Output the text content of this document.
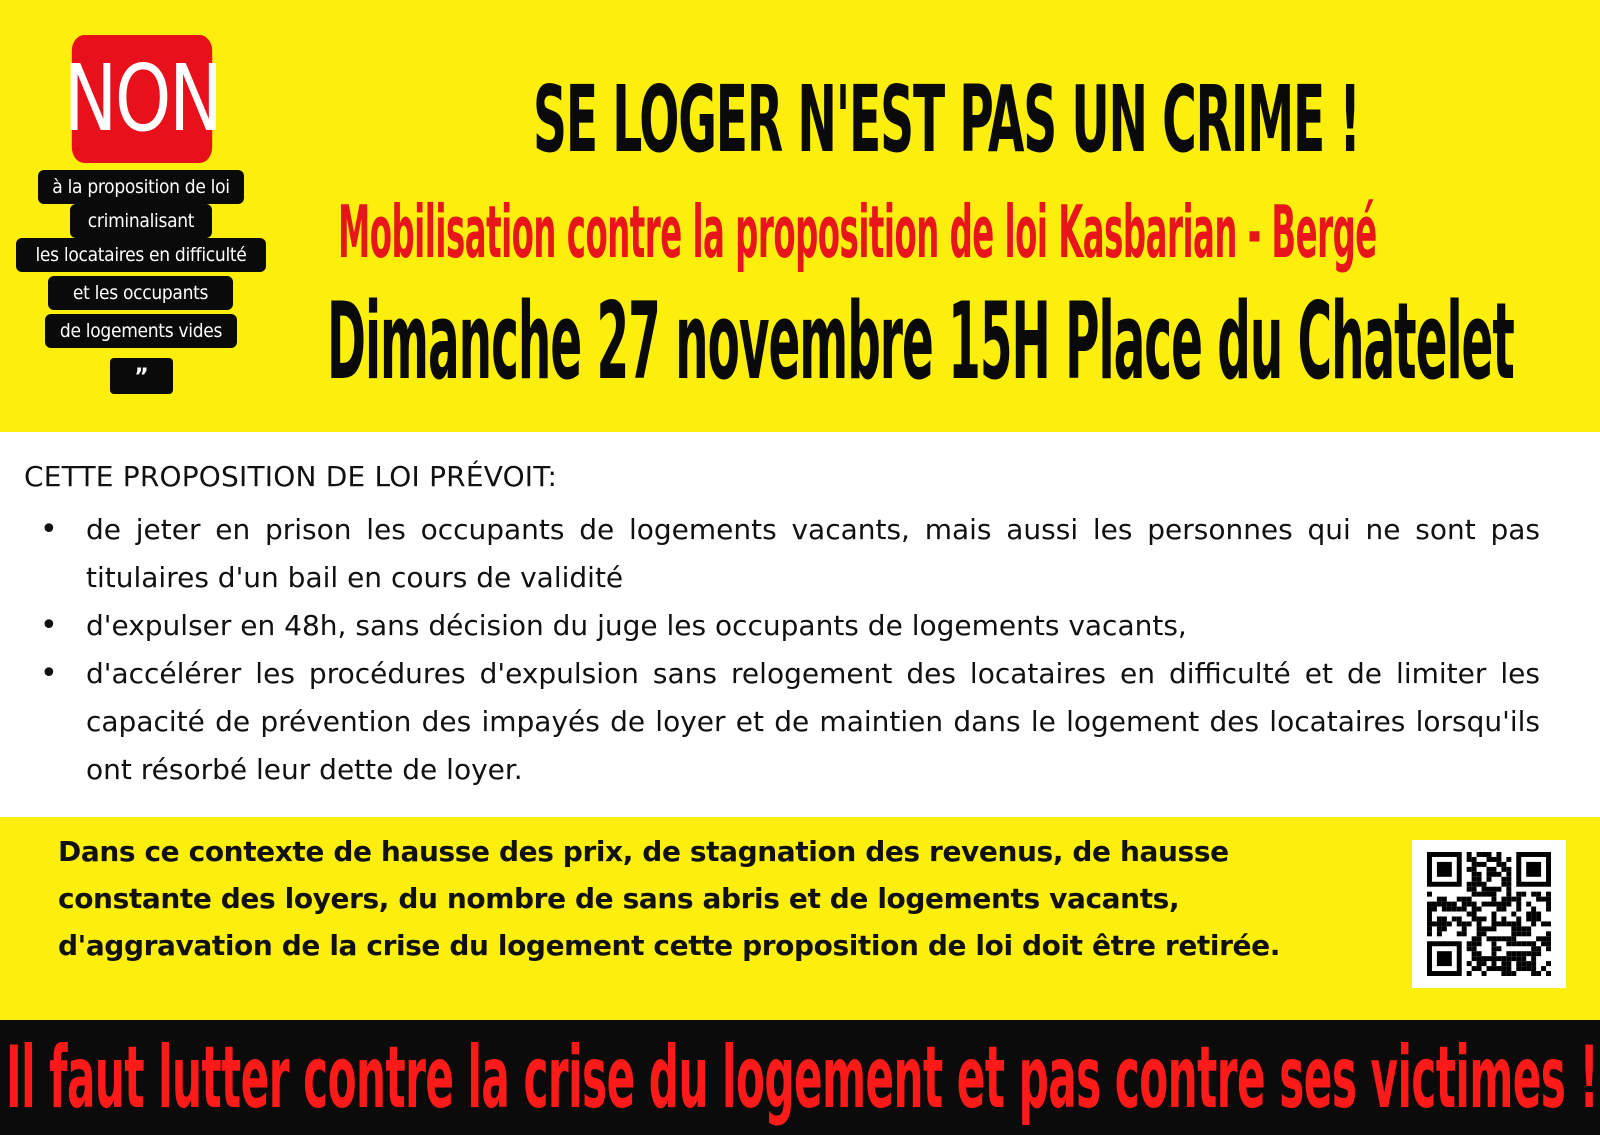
NON
à la proposition de loi
criminalisant
les locataires en difficulté
et les occupants
de logements vides
”
SE LOGER N'EST PAS UN CRIME !
Mobilisation contre la proposition de loi Kasbarian - Bergé
Dimanche 27 novembre 15H Place du Chatelet
CETTE PROPOSITION DE LOI PRÉVOIT:
• de jeter en prison les occupants de logements vacants, mais aussi les personnes qui ne sont pas titulaires d'un bail en cours de validité
• d'expulser en 48h, sans décision du juge les occupants de logements vacants,
• d'accélérer les procédures d'expulsion sans relogement des locataires en difficulté et de limiter les capacité de prévention des impayés de loyer et de maintien dans le logement des locataires lorsqu'ils ont résorbé leur dette de loyer.
Dans ce contexte de hausse des prix, de stagnation des revenus, de hausse constante des loyers, du nombre de sans abris et de logements vacants, d'aggravation de la crise du logement cette proposition de loi doit être retirée.
Il faut lutter contre la crise du logement et pas contre ses victimes !
